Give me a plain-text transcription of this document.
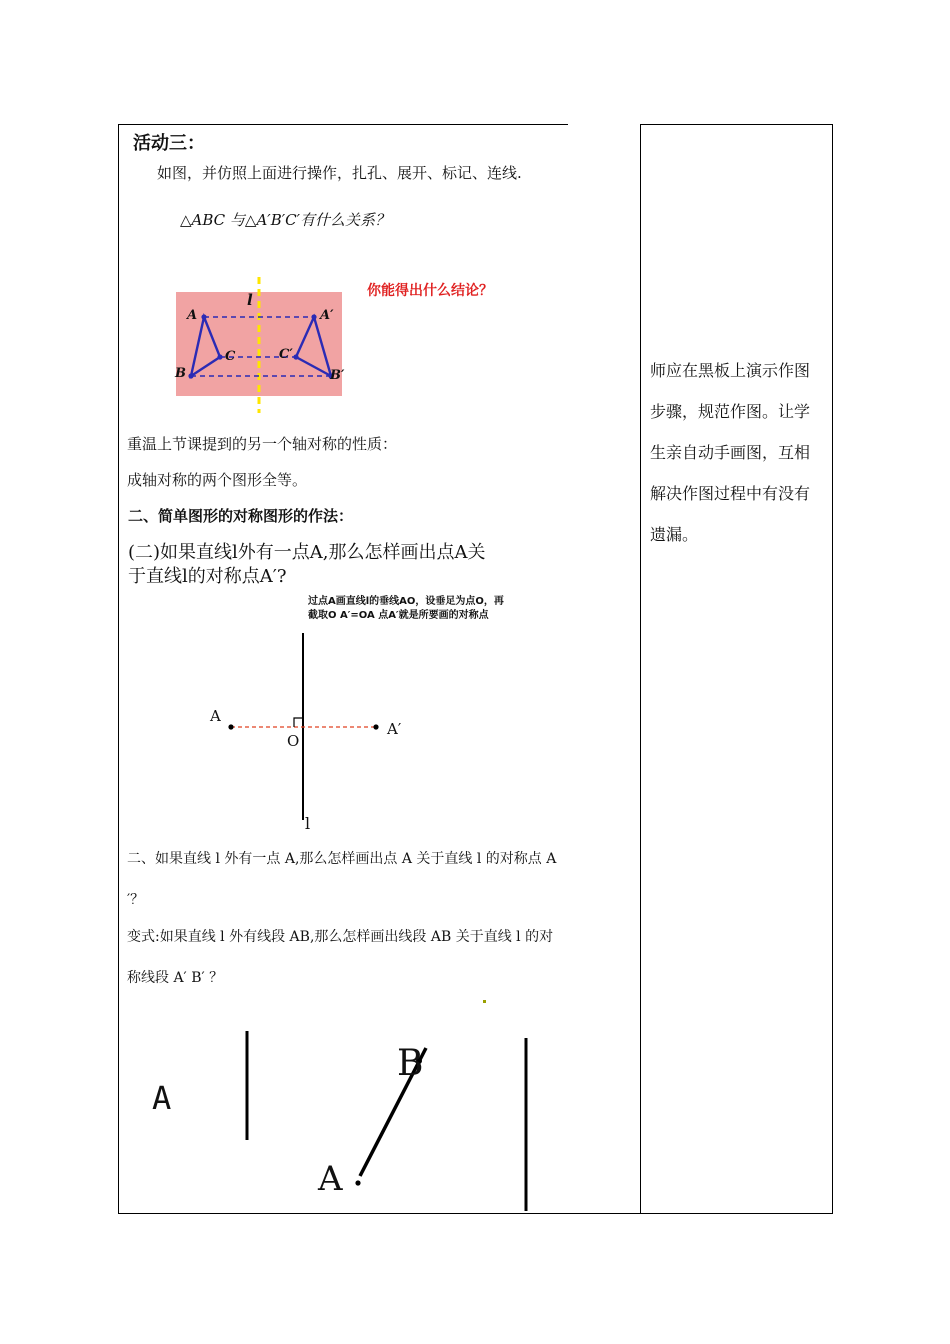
活动三：
如图，并仿照上面进行操作，扎孔、展开、标记、连线.
△ABC 与△A′B′C′有什么关系？
l
A
C
B
A′
C′
B′
你能得出什么结论？
重温上节课提到的另一个轴对称的性质：
成轴对称的两个图形全等。
二、简单图形的对称图形的作法：
(二)如果直线l外有一点A,那么怎样画出点A关
于直线l的对称点A′?
过点A画直线l的垂线AO，设垂足为点O，再
截取O A′=OA 点A′就是所要画的对称点
A
O
A′
l
二、如果直线 l 外有一点 A,那么怎样画出点 A 关于直线 l 的对称点 A
′？
变式:如果直线 l 外有线段 AB,那么怎样画出线段 AB 关于直线 l 的对
称线段 A′ B′ ？
A
B
A
师应在黑板上演示作图
步骤，规范作图。让学
生亲自动手画图，互相
解决作图过程中有没有
遗漏。
